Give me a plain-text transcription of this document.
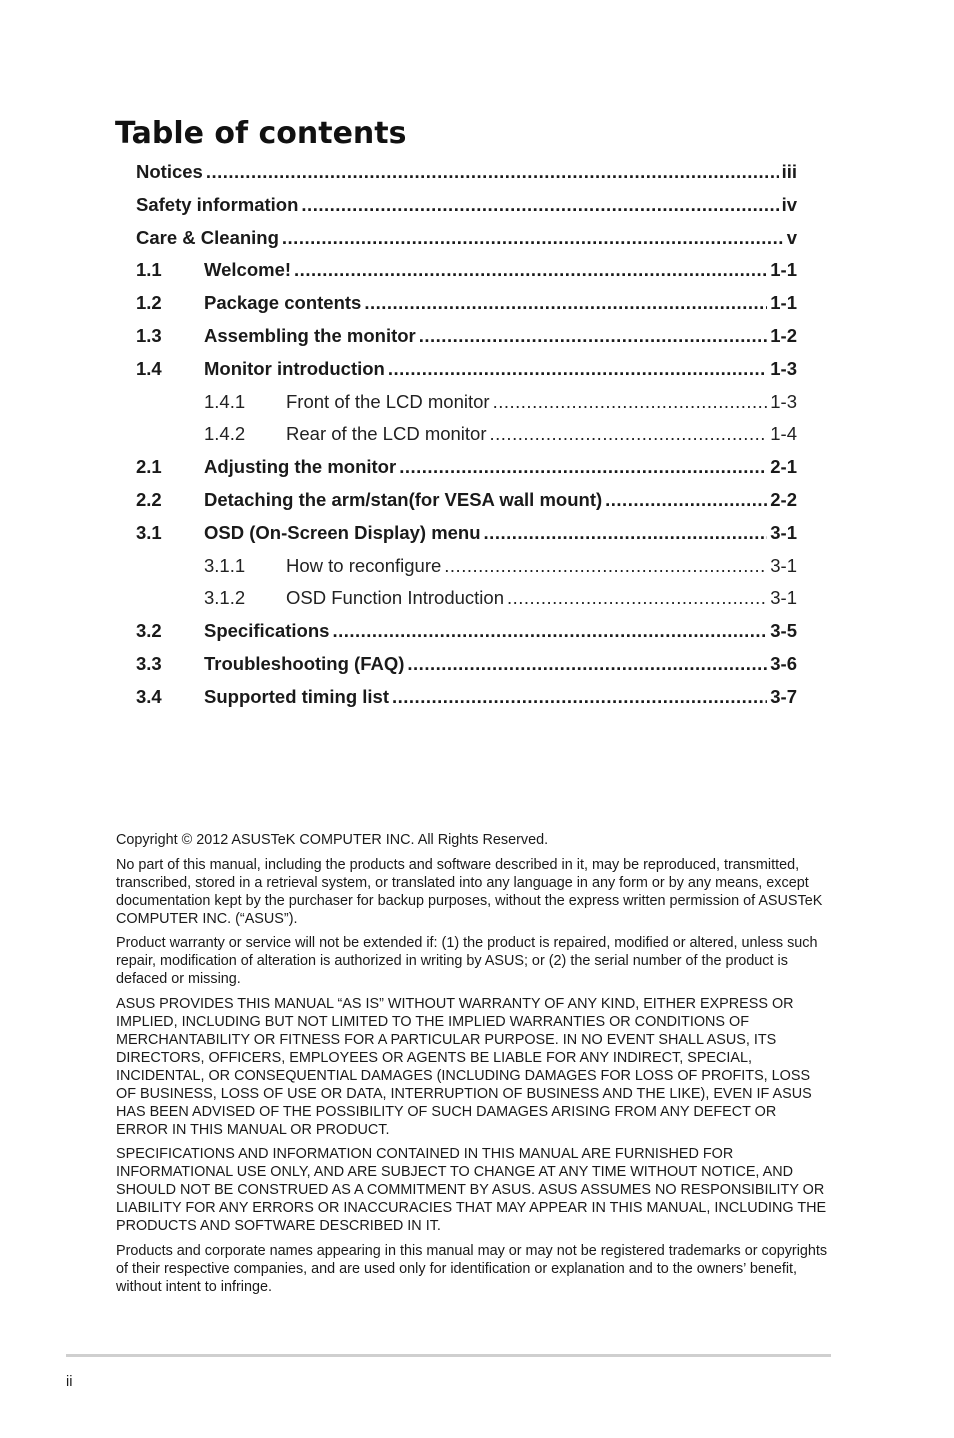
Table of contents
Notices .....	iii
Safety information .....	iv
Care & Cleaning .....	v
1.1	Welcome! .....	1-1
1.2	Package contents .....	1-1
1.3	Assembling the monitor .....	1-2
1.4	Monitor introduction .....	1-3
1.4.1	Front of the LCD monitor .....	1-3
1.4.2	Rear of the LCD monitor .....	1-4
2.1	Adjusting the monitor .....	2-1
2.2	Detaching the arm/stan(for VESA wall mount) .....	2-2
3.1	OSD (On-Screen Display) menu .....	3-1
3.1.1	How to reconfigure .....	3-1
3.1.2	OSD Function Introduction .....	3-1
3.2	Specifications .....	3-5
3.3	Troubleshooting (FAQ) .....	3-6
3.4	Supported timing list .....	3-7

Copyright © 2012 ASUSTeK COMPUTER INC. All Rights Reserved.

No part of this manual, including the products and software described in it, may be reproduced, transmitted, transcribed, stored in a retrieval system, or translated into any language in any form or by any means, except documentation kept by the purchaser for backup purposes, without the express written permission of ASUSTeK COMPUTER INC. (“ASUS”).

Product warranty or service will not be extended if: (1) the product is repaired, modified or altered, unless such repair, modification of alteration is authorized in writing by ASUS; or (2) the serial number of the product is defaced or missing.

ASUS PROVIDES THIS MANUAL “AS IS” WITHOUT WARRANTY OF ANY KIND, EITHER EXPRESS OR IMPLIED, INCLUDING BUT NOT LIMITED TO THE IMPLIED WARRANTIES OR CONDITIONS OF MERCHANTABILITY OR FITNESS FOR A PARTICULAR PURPOSE. IN NO EVENT SHALL ASUS, ITS DIRECTORS, OFFICERS, EMPLOYEES OR AGENTS BE LIABLE FOR ANY INDIRECT, SPECIAL, INCIDENTAL, OR CONSEQUENTIAL DAMAGES (INCLUDING DAMAGES FOR LOSS OF PROFITS, LOSS OF BUSINESS, LOSS OF USE OR DATA, INTERRUPTION OF BUSINESS AND THE LIKE), EVEN IF ASUS HAS BEEN ADVISED OF THE POSSIBILITY OF SUCH DAMAGES ARISING FROM ANY DEFECT OR ERROR IN THIS MANUAL OR PRODUCT.

SPECIFICATIONS AND INFORMATION CONTAINED IN THIS MANUAL ARE FURNISHED FOR INFORMATIONAL USE ONLY, AND ARE SUBJECT TO CHANGE AT ANY TIME WITHOUT NOTICE, AND SHOULD NOT BE CONSTRUED AS A COMMITMENT BY ASUS. ASUS ASSUMES NO RESPONSIBILITY OR LIABILITY FOR ANY ERRORS OR INACCURACIES THAT MAY APPEAR IN THIS MANUAL, INCLUDING THE PRODUCTS AND SOFTWARE DESCRIBED IN IT.

Products and corporate names appearing in this manual may or may not be registered trademarks or copyrights of their respective companies, and are used only for identification or explanation and to the owners’ benefit, without intent to infringe.

ii
